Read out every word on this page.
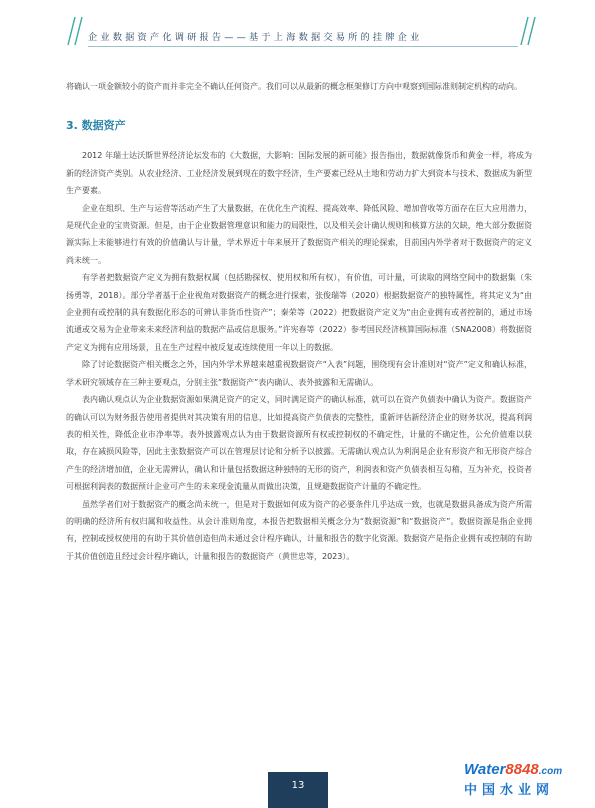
企业数据资产化调研报告——基于上海数据交易所的挂牌企业

将确认一项金额较小的资产而并非完全不确认任何资产。我们可以从最新的概念框架修订方向中观察到国际准则制定机构的动向。

3. 数据资产

2012 年瑞士达沃斯世界经济论坛发布的《大数据，大影响：国际发展的新可能》报告指出，数据就像货币和黄金一样，将成为新的经济资产类别。从农业经济、工业经济发展到现在的数字经济，生产要素已经从土地和劳动力扩大到资本与技术、数据成为新型生产要素。

企业在组织、生产与运营等活动产生了大量数据，在优化生产流程、提高效率、降低风险、增加营收等方面存在巨大应用潜力，是现代企业的宝贵资源。但是，由于企业数据管理意识和能力的局限性，以及相关会计确认规则和核算方法的欠缺，绝大部分数据资源实际上未能够进行有效的价值确认与计量，学术界近十年来展开了数据资产相关的理论探索，目前国内外学者对于数据资产的定义尚未统一。

有学者把数据资产定义为拥有数据权属（包括勘探权、使用权和所有权），有价值，可计量，可读取的网络空间中的数据集（朱扬勇等，2018）。部分学者基于企业视角对数据资产的概念进行探索，张俊瑞等（2020）根据数据资产的独特属性，将其定义为“由企业拥有或控制的具有数据化形态的可辨认非货币性资产”；秦荣等（2022）把数据资产定义为“由企业拥有或者控制的，通过市场流通或交易为企业带来未来经济利益的数据产品或信息服务。”许宪春等（2022）参考国民经济核算国际标准（SNA2008）将数据资产定义为拥有应用场景，且在生产过程中被反复或连续使用一年以上的数据。

除了讨论数据资产相关概念之外，国内外学术界越来越重视数据资产“入表”问题，围绕现有会计准则对“资产”定义和确认标准，学术研究领域存在三种主要观点，分别主张“数据资产”表内确认、表外披露和无需确认。

表内确认观点认为企业数据资源如果满足资产的定义，同时满足资产的确认标准，就可以在资产负债表中确认为资产。数据资产的确认可以为财务报告使用者提供对其决策有用的信息，比如提高资产负债表的完整性，重新评估新经济企业的财务状况，提高利润表的相关性，降低企业市净率等。表外披露观点认为由于数据资源所有权或控制权的不确定性，计量的不确定性，公允价值难以获取，存在减损风险等，因此主张数据资产可以在管理层讨论和分析予以披露。无需确认观点认为利润是企业有形资产和无形资产综合产生的经济增加值，企业无需辨认，确认和计量包括数据这种独特的无形的资产，利润表和资产负债表相互勾稽，互为补充，投资者可根据利润表的数据预计企业可产生的未来现金流量从而做出决策，且规避数据资产计量的不确定性。

虽然学者们对于数据资产的概念尚未统一，但是对于数据如何成为资产的必要条件几乎达成一致，也就是数据具备成为资产所需的明确的经济所有权归属和收益性。从会计准则角度，本报告把数据相关概念分为“数据资源”和“数据资产”。数据资源是指企业拥有，控制或授权使用的有助于其价值创造但尚未通过会计程序确认，计量和报告的数字化资源。数据资产是指企业拥有或控制的有助于其价值创造且经过会计程序确认，计量和报告的数据资产（黄世忠等，2023）。

13
Water8848.com
中国水业网
